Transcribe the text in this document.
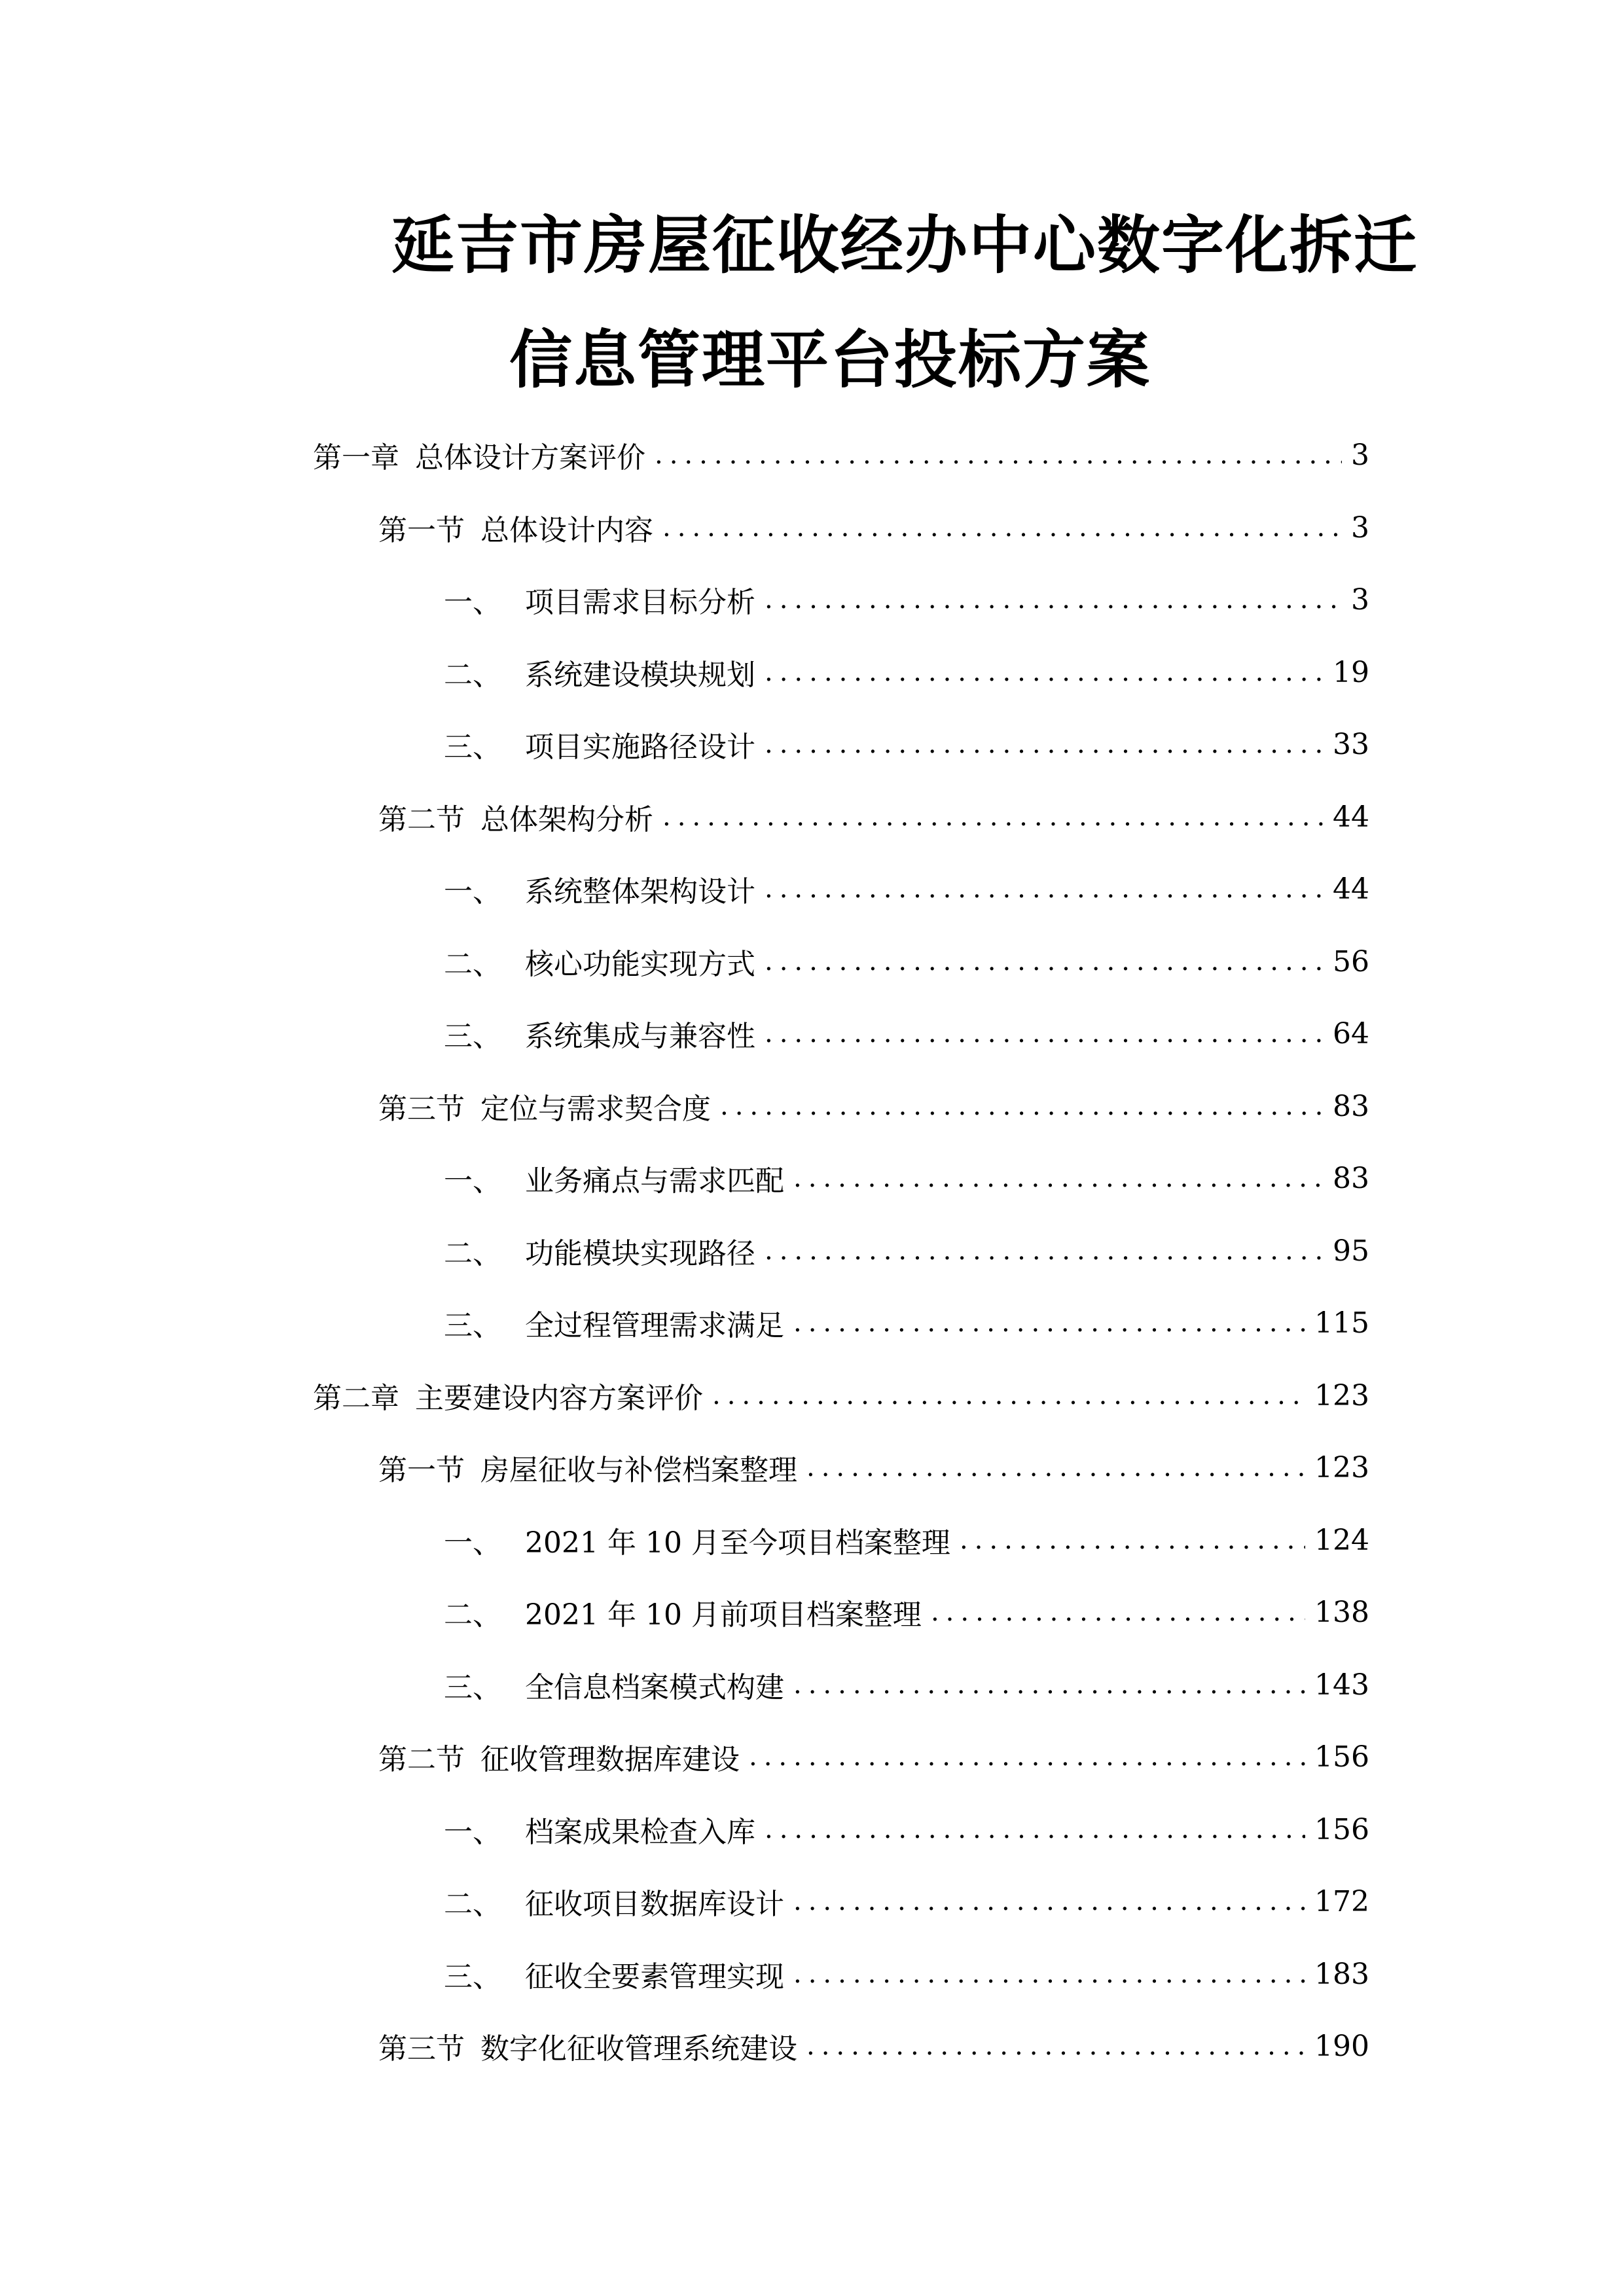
延吉市房屋征收经办中心数字化拆迁
信息管理平台投标方案
第一章 总体设计方案评价 .....	3
第一节 总体设计内容 .....	3
一、 项目需求目标分析 .....	3
二、 系统建设模块规划 .....	19
三、 项目实施路径设计 .....	33
第二节 总体架构分析 .....	44
一、 系统整体架构设计 .....	44
二、 核心功能实现方式 .....	56
三、 系统集成与兼容性 .....	64
第三节 定位与需求契合度 .....	83
一、 业务痛点与需求匹配 .....	83
二、 功能模块实现路径 .....	95
三、 全过程管理需求满足 .....	115
第二章 主要建设内容方案评价 .....	123
第一节 房屋征收与补偿档案整理 .....	123
一、 2021 年 10 月至今项目档案整理 .....	124
二、 2021 年 10 月前项目档案整理 .....	138
三、 全信息档案模式构建 .....	143
第二节 征收管理数据库建设 .....	156
一、 档案成果检查入库 .....	156
二、 征收项目数据库设计 .....	172
三、 征收全要素管理实现 .....	183
第三节 数字化征收管理系统建设 .....	190
